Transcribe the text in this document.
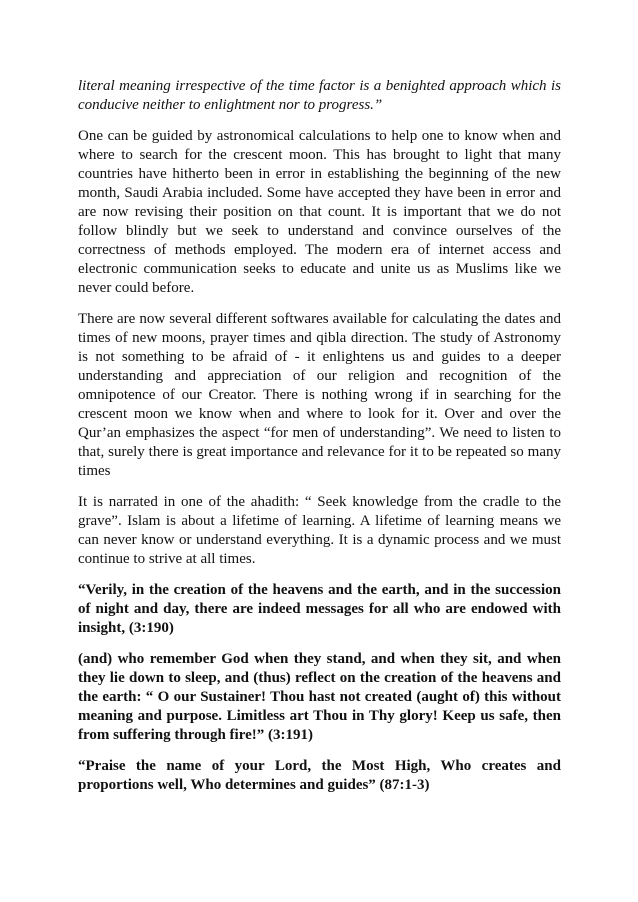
literal meaning irrespective of the time factor is a benighted approach which is conducive neither to enlightment nor to progress.”

One can be guided by astronomical calculations to help one to know when and where to search for the crescent moon. This has brought to light that many countries have hitherto been in error in establishing the beginning of the new month, Saudi Arabia included. Some have accepted they have been in error and are now revising their position on that count. It is important that we do not follow blindly but we seek to understand and convince ourselves of the correctness of methods employed. The modern era of internet access and electronic communication seeks to educate and unite us as Muslims like we never could before.

There are now several different softwares available for calculating the dates and times of new moons, prayer times and qibla direction. The study of Astronomy is not something to be afraid of - it enlightens us and guides to a deeper understanding and appreciation of our religion and recognition of the omnipotence of our Creator. There is nothing wrong if in searching for the crescent moon we know when and where to look for it. Over and over the Qur’an emphasizes the aspect “for men of understanding”. We need to listen to that, surely there is great importance and relevance for it to be repeated so many times

It is narrated in one of the ahadith: “ Seek knowledge from the cradle to the grave”. Islam is about a lifetime of learning. A lifetime of learning means we can never know or understand everything. It is a dynamic process and we must continue to strive at all times.

“Verily, in the creation of the heavens and the earth, and in the succession of night and day, there are indeed messages for all who are endowed with insight, (3:190)

(and) who remember God when they stand, and when they sit, and when they lie down to sleep, and (thus) reflect on the creation of the heavens and the earth: “ O our Sustainer! Thou hast not created (aught of) this without meaning and purpose. Limitless art Thou in Thy glory! Keep us safe, then from suffering through fire!” (3:191)

“Praise the name of your Lord, the Most High, Who creates and proportions well, Who determines and guides” (87:1-3)
